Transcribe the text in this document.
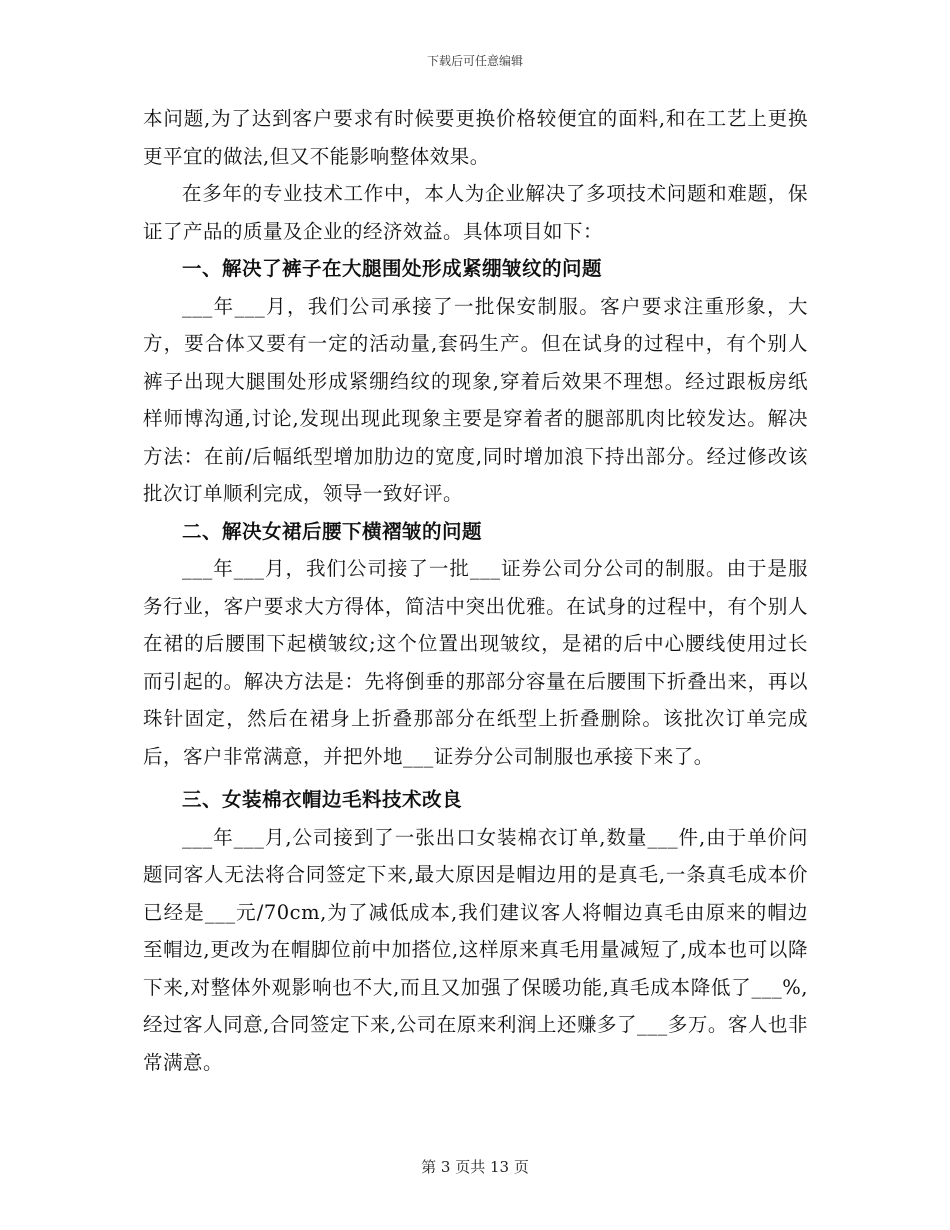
下载后可任意编辑

本问题,为了达到客户要求有时候要更换价格较便宜的面料,和在工艺上更换更平宜的做法,但又不能影响整体效果。

在多年的专业技术工作中，本人为企业解决了多项技术问题和难题，保证了产品的质量及企业的经济效益。具体项目如下：

一、解决了裤子在大腿围处形成紧绷皱纹的问题

___年___月，我们公司承接了一批保安制服。客户要求注重形象，大方，要合体又要有一定的活动量,套码生产。但在试身的过程中，有个别人裤子出现大腿围处形成紧绷绉纹的现象,穿着后效果不理想。经过跟板房纸样师博沟通,讨论,发现出现此现象主要是穿着者的腿部肌肉比较发达。解决方法：在前/后幅纸型增加肋边的宽度,同时增加浪下持出部分。经过修改该批次订单顺利完成，领导一致好评。

二、解决女裙后腰下横褶皱的问题

___年___月，我们公司接了一批___证券公司分公司的制服。由于是服务行业，客户要求大方得体，简洁中突出优雅。在试身的过程中，有个别人在裙的后腰围下起横皱纹;这个位置出现皱纹，是裙的后中心腰线使用过长而引起的。解决方法是：先将倒垂的那部分容量在后腰围下折叠出来，再以珠针固定，然后在裙身上折叠那部分在纸型上折叠删除。该批次订单完成后，客户非常满意，并把外地___证券分公司制服也承接下来了。

三、女装棉衣帽边毛料技术改良

___年___月,公司接到了一张出口女装棉衣订单,数量___件,由于单价问题同客人无法将合同签定下来,最大原因是帽边用的是真毛,一条真毛成本价已经是___元/70cm,为了减低成本,我们建议客人将帽边真毛由原来的帽边至帽边,更改为在帽脚位前中加搭位,这样原来真毛用量减短了,成本也可以降下来,对整体外观影响也不大,而且又加强了保暖功能,真毛成本降低了___%,经过客人同意,合同签定下来,公司在原来利润上还赚多了___多万。客人也非常满意。

第 3 页共 13 页
